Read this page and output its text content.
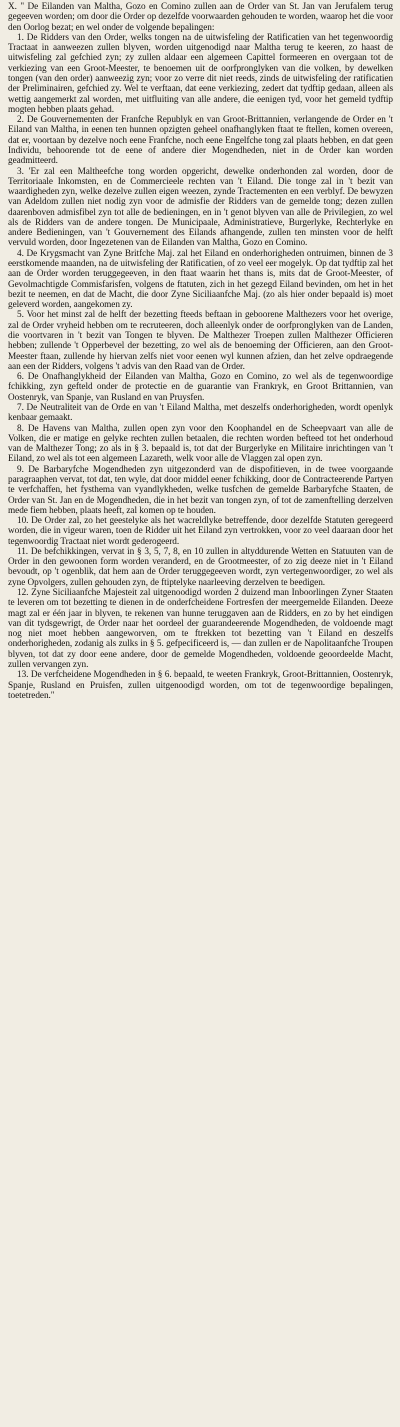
X. " De Eilanden van Maltha, Gozo en Comino zullen aan de Order van St. Jan van Jerufalem terug gegeeven worden; om door die Order op dezelfde voorwaarden gehouden te worden, waarop het die voor den Oorlog bezat; en wel onder de volgende bepalingen:

1. De Ridders van den Order, welks tongen na de uitwisfeling der Ratificatien van het tegenwoordig Tractaat in aanweezen zullen blyven, worden uitgenodigd naar Maltha terug te keeren, zo haast de uitwisfeling zal gefchied zyn; zy zullen aldaar een algemeen Capittel formeeren en overgaan tot de verkiezing van een Groot-Meester, te benoemen uit de oorfpronglyken van die volken, by dewelken tongen (van den order) aanweezig zyn; voor zo verre dit niet reeds, zinds de uitwisfeling der ratificatien der Preliminairen, gefchied zy. Wel te verftaan, dat eene verkiezing, zedert dat tydftip gedaan, alleen als wettig aangemerkt zal worden, met uitfluiting van alle andere, die eenigen tyd, voor het gemeld tydftip mogten hebben plaats gehad.

2. De Gouvernementen der Franfche Republyk en van Groot-Brittannien, verlangende de Order en 't Eiland van Maltha, in eenen ten hunnen opzigten geheel onafhanglyken ftaat te ftellen, komen overeen, dat er, voortaan by dezelve noch eene Franfche, noch eene Engelfche tong zal plaats hebben, en dat geen Individu, behoorende tot de eene of andere dier Mogendheden, niet in de Order kan worden geadmitteerd.

3. 'Er zal een Maltheefche tong worden opgericht, dewelke onderhonden zal worden, door de Territoriaale Inkomsten, en de Commercieele rechten van 't Eiland. Die tonge zal in 't bezit van waardigheden zyn, welke dezelve zullen eigen weezen, zynde Tractementen en een verblyf. De bewyzen van Adeldom zullen niet nodig zyn voor de admisfie der Ridders van de gemelde tong; dezen zullen daarenboven admisfibel zyn tot alle de bedieningen, en in 't genot blyven van alle de Privilegien, zo wel als de Ridders van de andere tongen. De Municipaale, Administratieve, Burgerlyke, Rechterlyke en andere Bedieningen, van 't Gouvernement des Eilands afhangende, zullen ten minsten voor de helft vervuld worden, door Ingezetenen van de Eilanden van Maltha, Gozo en Comino.

4. De Krygsmacht van Zyne Britfche Maj. zal het Eiland en onderhorigheden ontruimen, binnen de 3 eerstkomende maanden, na de uitwisfeling der Ratificatien, of zo veel eer mogelyk. Op dat tydftip zal het aan de Order worden teruggegeeven, in den ftaat waarin het thans is, mits dat de Groot-Meester, of Gevolmachtigde Commisfarisfen, volgens de ftatuten, zich in het gezegd Eiland bevinden, om het in het bezit te neemen, en dat de Macht, die door Zyne Siciliaanfche Maj. (zo als hier onder bepaald is) moet geleverd worden, aangekomen zy.

5. Voor het minst zal de helft der bezetting fteeds beftaan in geboorene Malthezers voor het overige, zal de Order vryheid hebben om te recruteeren, doch alleenlyk onder de oorfpronglyken van de Landen, die voortvaren in 't bezit van Tongen te blyven. De Malthezer Troepen zullen Malthezer Officieren hebben; zullende 't Opperbevel der bezetting, zo wel als de benoeming der Officieren, aan den Groot-Meester ftaan, zullende hy hiervan zelfs niet voor eenen wyl kunnen afzien, dan het zelve opdraegende aan een der Ridders, volgens 't advis van den Raad van de Order.

6. De Onafhanglykheid der Eilanden van Maltha, Gozo en Comino, zo wel als de tegenwoordige fchikking, zyn gefteld onder de protectie en de guarantie van Frankryk, en Groot Brittannien, van Oostenryk, van Spanje, van Rusland en van Pruysfen.

7. De Neutraliteit van de Orde en van 't Eiland Maltha, met deszelfs onderhorigheden, wordt openlyk kenbaar gemaakt.

8. De Havens van Maltha, zullen open zyn voor den Koophandel en de Scheepvaart van alle de Volken, die er matige en gelyke rechten zullen betaalen, die rechten worden befteed tot het onderhoud van de Malthezer Tong; zo als in § 3. bepaald is, tot dat der Burgerlyke en Militaire inrichtingen van 't Eiland, zo wel als tot een algemeen Lazareth, welk voor alle de Vlaggen zal open zyn.

9. De Barbaryfche Mogendheden zyn uitgezonderd van de dispofitieven, in de twee voorgaande paragraaphen vervat, tot dat, ten wyle, dat door middel eener fchikking, door de Contracteerende Partyen te verfchaffen, het fysthema van vyandlykheden, welke tusfchen de gemelde Barbaryfche Staaten, de Order van St. Jan en de Mogendheden, die in het bezit van tongen zyn, of tot de zamenftelling derzelven mede fiem hebben, plaats heeft, zal komen op te houden.

10. De Order zal, zo het geestelyke als het wacreldlyke betreffende, door dezelfde Statuten geregeerd worden, die in vigeur waren, toen de Ridder uit het Eiland zyn vertrokken, voor zo veel daaraan door het tegenwoordig Tractaat niet wordt gederogeerd.

11. De befchikkingen, vervat in § 3, 5, 7, 8, en 10 zullen in altyddurende Wetten en Statuuten van de Order in den gewoonen form worden veranderd, en de Grootmeester, of zo zig deeze niet in 't Eiland bevoudt, op 't ogenblik, dat hem aan de Order teruggegeeven wordt, zyn vertegenwoordiger, zo wel als zyne Opvolgers, zullen gehouden zyn, de ftiptelyke naarleeving derzelven te beedigen.

12. Zyne Siciliaanfche Majesteit zal uitgenoodigd worden 2 duizend man Inboorlingen Zyner Staaten te leveren om tot bezetting te dienen in de onderfcheidene Fortresfen der meergemelde Eilanden. Deeze magt zal er één jaar in blyven, te rekenen van hunne teruggaven aan de Ridders, en zo by het eindigen van dit tydsgewrigt, de Order naar het oordeel der guarandeerende Mogendheden, de voldoende magt nog niet moet hebben aangeworven, om te ftrekken tot bezetting van 't Eiland en deszelfs onderhorigheden, zodanig als zulks in § 5. gefpecificeerd is, — dan zullen er de Napolitaanfche Troupen blyven, tot dat zy door eene andere, door de gemelde Mogendheden, voldoende geoordeelde Macht, zullen vervangen zyn.

13. De verfcheidene Mogendheden in § 6. bepaald, te weeten Frankryk, Groot-Brittannien, Oostenryk, Spanje, Rusland en Pruisfen, zullen uitgenoodigd worden, om tot de tegenwoordige bepalingen, toetetreden."
